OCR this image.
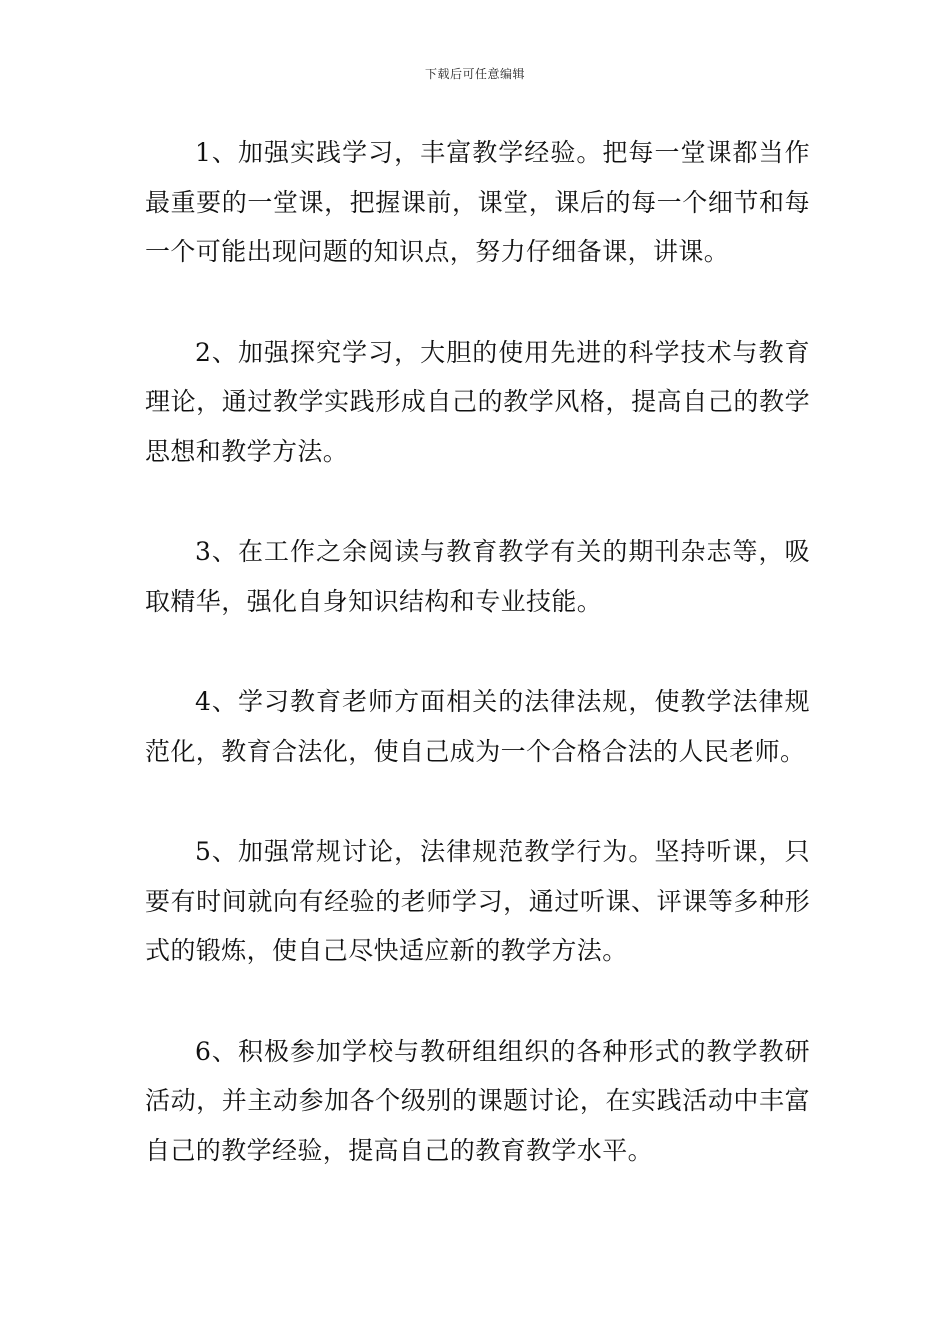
下载后可任意编辑

1、加强实践学习，丰富教学经验。把每一堂课都当作最重要的一堂课，把握课前，课堂，课后的每一个细节和每一个可能出现问题的知识点，努力仔细备课，讲课。

2、加强探究学习，大胆的使用先进的科学技术与教育理论，通过教学实践形成自己的教学风格，提高自己的教学思想和教学方法。

3、在工作之余阅读与教育教学有关的期刊杂志等，吸取精华，强化自身知识结构和专业技能。

4、学习教育老师方面相关的法律法规，使教学法律规范化，教育合法化，使自己成为一个合格合法的人民老师。

5、加强常规讨论，法律规范教学行为。坚持听课，只要有时间就向有经验的老师学习，通过听课、评课等多种形式的锻炼，使自己尽快适应新的教学方法。

6、积极参加学校与教研组组织的各种形式的教学教研活动，并主动参加各个级别的课题讨论，在实践活动中丰富自己的教学经验，提高自己的教育教学水平。
